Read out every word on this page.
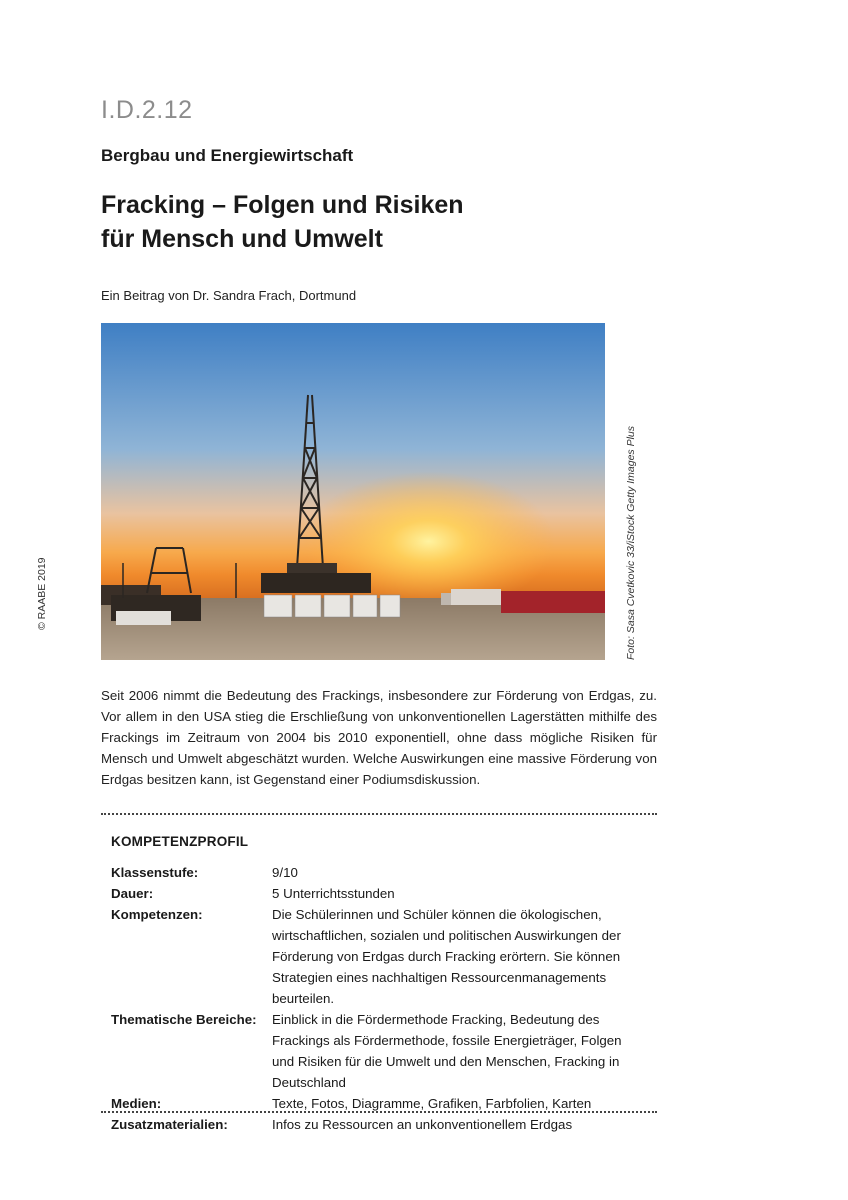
I.D.2.12
Bergbau und Energiewirtschaft
Fracking – Folgen und Risiken
für Mensch und Umwelt
Ein Beitrag von Dr. Sandra Frach, Dortmund
Foto: Sasa Cvetkovic 33/iStock Getty Images Plus
© RAABE 2019
Seit 2006 nimmt die Bedeutung des Frackings, insbesondere zur Förderung von Erdgas, zu. Vor allem in den USA stieg die Erschließung von unkonventionellen Lagerstätten mithilfe des Frackings im Zeitraum von 2004 bis 2010 exponentiell, ohne dass mögliche Risiken für Mensch und Umwelt abgeschätzt wurden. Welche Auswirkungen eine massive Förderung von Erdgas besitzen kann, ist Gegenstand einer Podiumsdiskussion.
KOMPETENZPROFIL
Klassenstufe:	9/10
Dauer:	5 Unterrichtsstunden
Kompetenzen:	Die Schülerinnen und Schüler können die ökologischen, wirtschaftlichen, sozialen und politischen Auswirkungen der Förderung von Erdgas durch Fracking erörtern. Sie können Strategien eines nachhaltigen Ressourcenmanagements beurteilen.
Thematische Bereiche:	Einblick in die Fördermethode Fracking, Bedeutung des Frackings als Fördermethode, fossile Energieträger, Folgen und Risiken für die Umwelt und den Menschen, Fracking in Deutschland
Medien:	Texte, Fotos, Diagramme, Grafiken, Farbfolien, Karten
Zusatzmaterialien:	Infos zu Ressourcen an unkonventionellem Erdgas
